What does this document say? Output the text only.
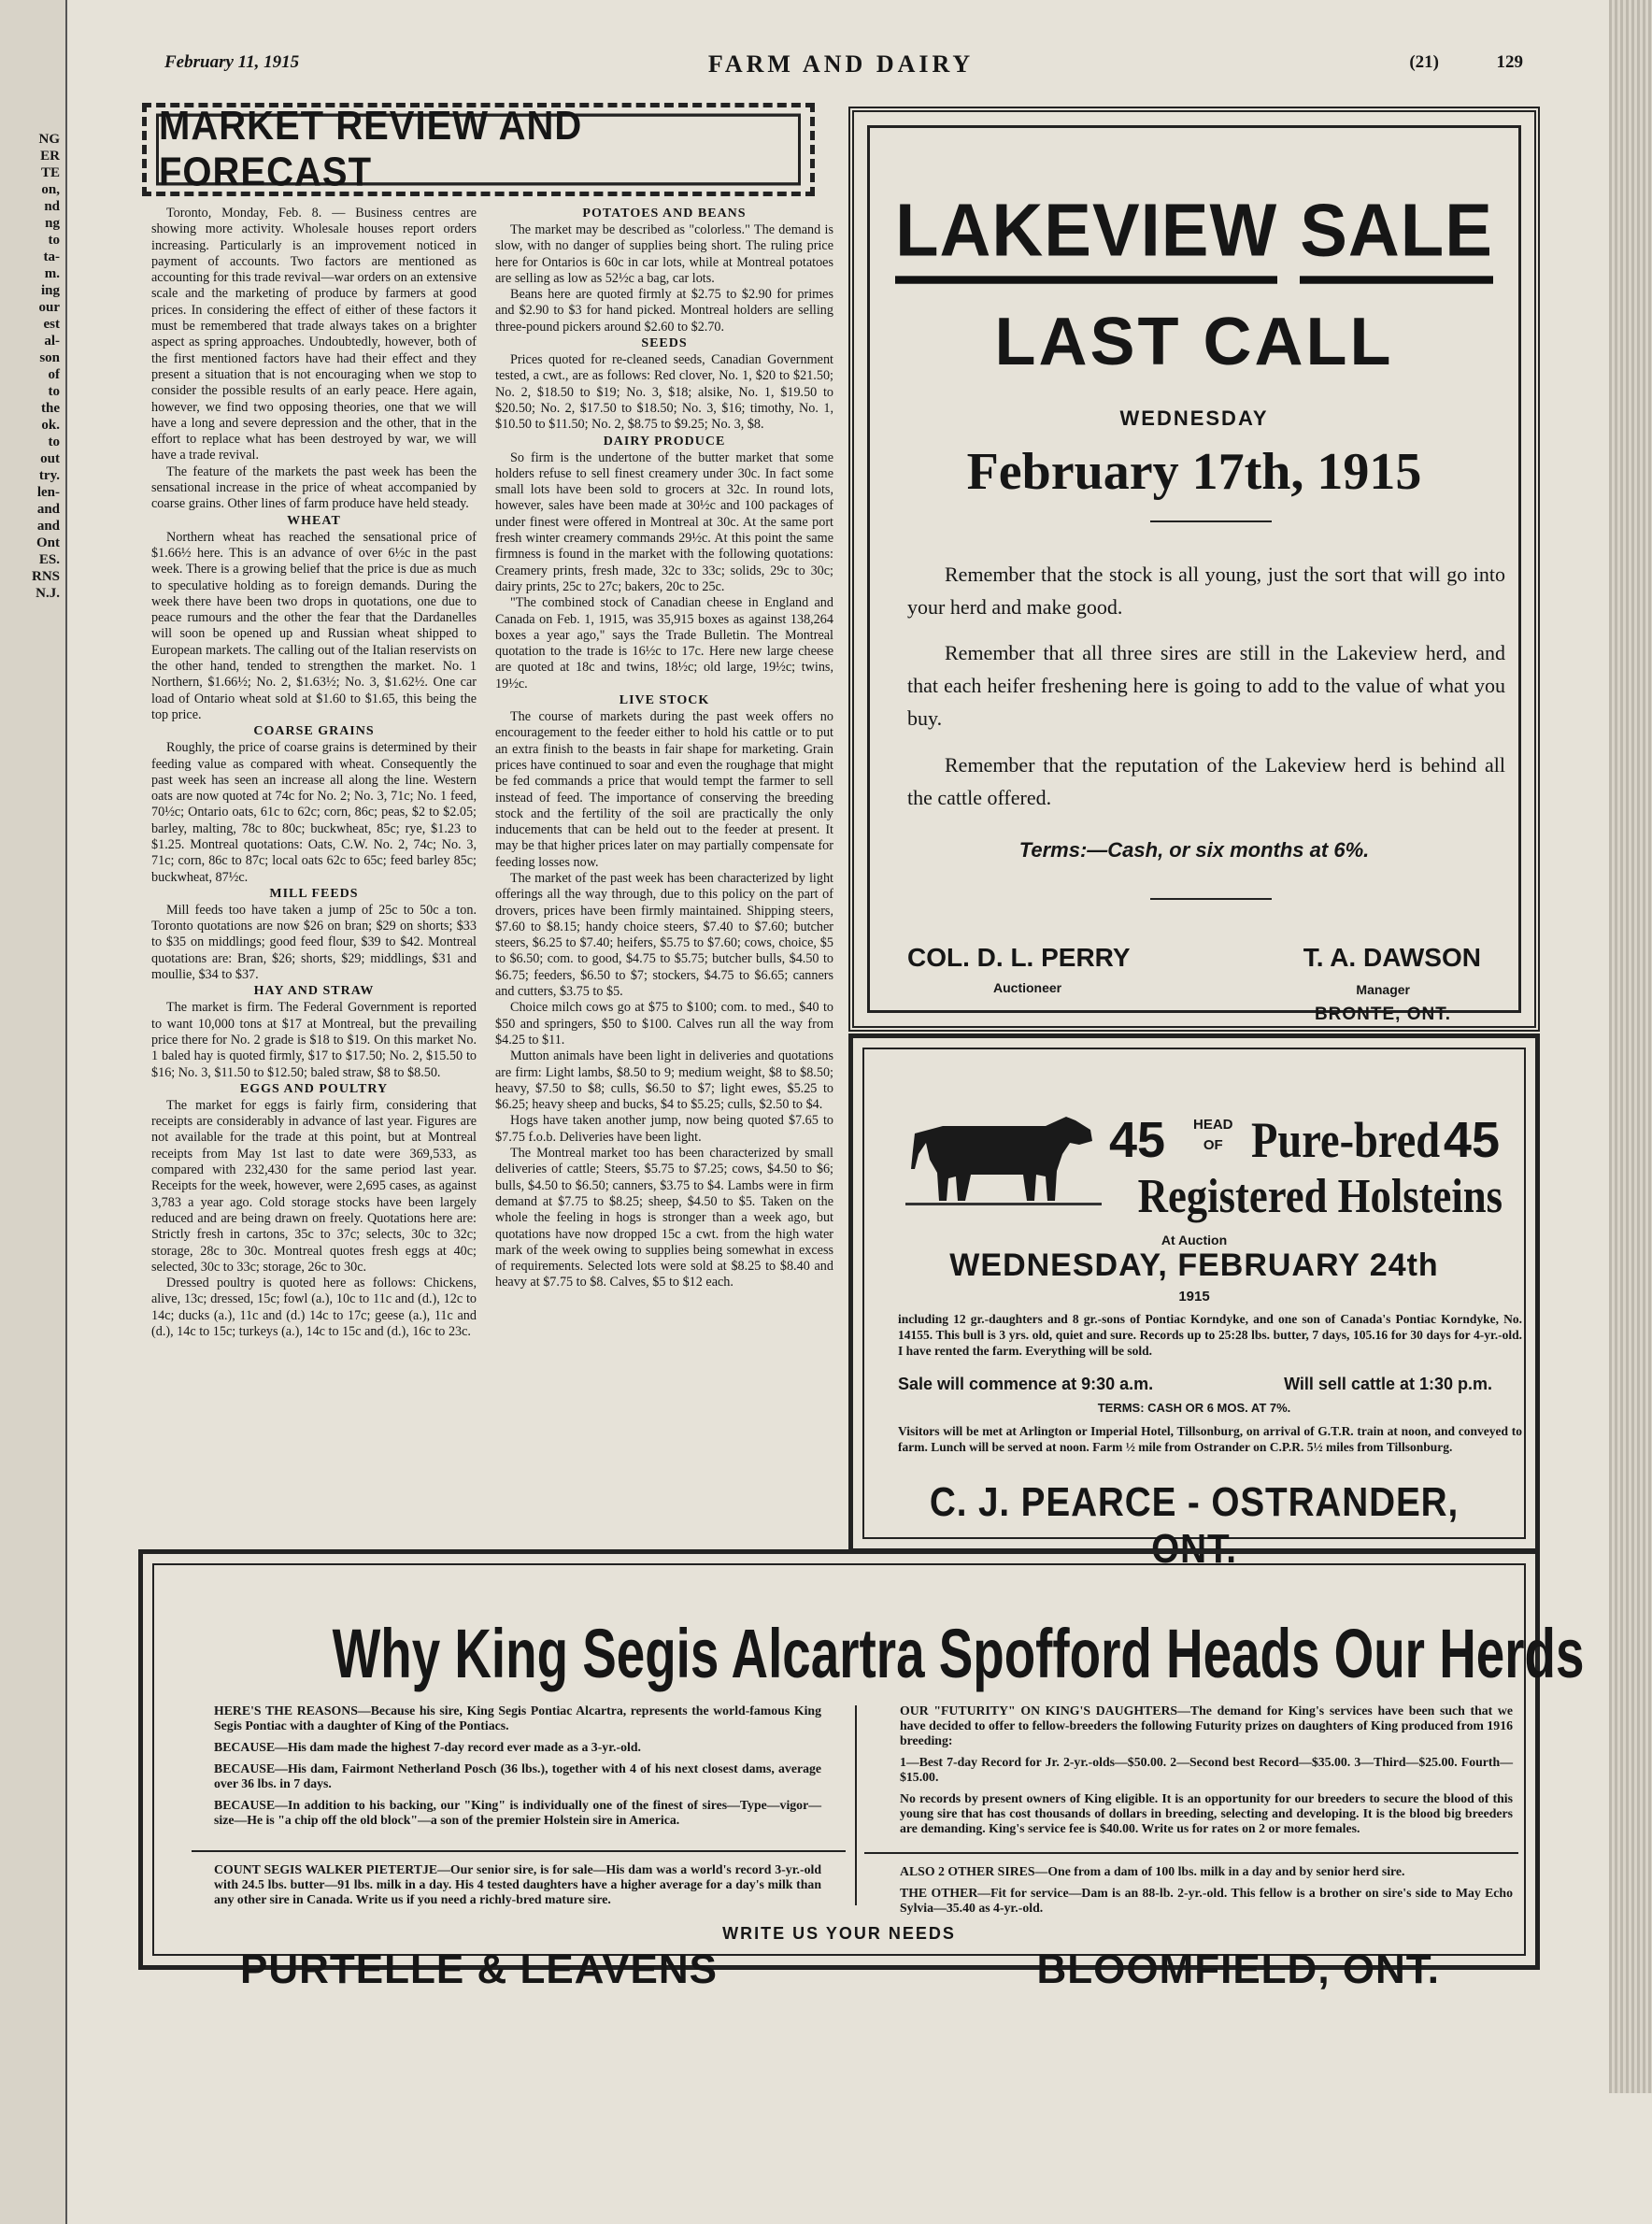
NG
ER
TE
on,
nd
ng
to
ta-
m.
ing
our
est
al-
son
of
to
the
ok.
to
out
try.
len-
and
and
Ont
ES.
RNS
N.J.
February 11, 1915	FARM AND DAIRY	(21)	129
MARKET REVIEW AND FORECAST

Toronto, Monday, Feb. 8. — Business centres are showing more activity. Wholesale houses report orders increasing. Particularly is an improvement noticed in payment of accounts. Two factors are mentioned as accounting for this trade revival—war orders on an extensive scale and the marketing of produce by farmers at good prices. In considering the effect of either of these factors it must be remembered that trade always takes on a brighter aspect as spring approaches. Undoubtedly, however, both of the first mentioned factors have had their effect and they present a situation that is not encouraging when we stop to consider the possible results of an early peace. Here again, however, we find two opposing theories, one that we will have a long and severe depression and the other, that in the effort to replace what has been destroyed by war, we will have a trade revival.

The feature of the markets the past week has been the sensational increase in the price of wheat accompanied by coarse grains. Other lines of farm produce have held steady.

WHEAT

Northern wheat has reached the sensational price of $1.66½ here. This is an advance of over 6½c in the past week. There is a growing belief that the price is due as much to speculative holding as to foreign demands. During the week there have been two drops in quotations, one due to peace rumours and the other the fear that the Dardanelles will soon be opened up and Russian wheat shipped to European markets. The calling out of the Italian reservists on the other hand, tended to strengthen the market. No. 1 Northern, $1.66½; No. 2, $1.63½; No. 3, $1.62½. One car load of Ontario wheat sold at $1.60 to $1.65, this being the top price.

COARSE GRAINS

Roughly, the price of coarse grains is determined by their feeding value as compared with wheat. Consequently the past week has seen an increase all along the line. Western oats are now quoted at 74c for No. 2; No. 3, 71c; No. 1 feed, 70½c; Ontario oats, 61c to 62c; corn, 86c; peas, $2 to $2.05; barley, malting, 78c to 80c; buckwheat, 85c; rye, $1.23 to $1.25. Montreal quotations: Oats, C.W. No. 2, 74c; No. 3, 71c; corn, 86c to 87c; local oats 62c to 65c; feed barley 85c; buckwheat, 87½c.

MILL FEEDS

Mill feeds too have taken a jump of 25c to 50c a ton. Toronto quotations are now $26 on bran; $29 on shorts; $33 to $35 on middlings; good feed flour, $39 to $42. Montreal quotations are: Bran, $26; shorts, $29; middlings, $31 and moullie, $34 to $37.

HAY AND STRAW

The market is firm. The Federal Government is reported to want 10,000 tons at $17 at Montreal, but the prevailing price there for No. 2 grade is $18 to $19. On this market No. 1 baled hay is quoted firmly, $17 to $17.50; No. 2, $15.50 to $16; No. 3, $11.50 to $12.50; baled straw, $8 to $8.50.

EGGS AND POULTRY

The market for eggs is fairly firm, considering that receipts are considerably in advance of last year. Figures are not available for the trade at this point, but at Montreal receipts from May 1st last to date were 369,533, as compared with 232,430 for the same period last year. Receipts for the week, however, were 2,695 cases, as against 3,783 a year ago. Cold storage stocks have been largely reduced and are being drawn on freely. Quotations here are: Strictly fresh in cartons, 35c to 37c; selects, 30c to 32c; storage, 28c to 30c. Montreal quotes fresh eggs at 40c; selected, 30c to 33c; storage, 26c to 30c.

Dressed poultry is quoted here as follows: Chickens, alive, 13c; dressed, 15c; fowl (a.), 10c to 11c and (d.), 12c to 14c; ducks (a.), 11c and (d.) 14c to 17c; geese (a.), 11c and (d.), 14c to 15c; turkeys (a.), 14c to 15c and (d.), 16c to 23c.

POTATOES AND BEANS

The market may be described as "colorless." The demand is slow, with no danger of supplies being short. The ruling price here for Ontarios is 60c in car lots, while at Montreal potatoes are selling as low as 52½c a bag, car lots.

Beans here are quoted firmly at $2.75 to $2.90 for primes and $2.90 to $3 for hand picked. Montreal holders are selling three-pound pickers around $2.60 to $2.70.

SEEDS

Prices quoted for re-cleaned seeds, Canadian Government tested, a cwt., are as follows: Red clover, No. 1, $20 to $21.50; No. 2, $18.50 to $19; No. 3, $18; alsike, No. 1, $19.50 to $20.50; No. 2, $17.50 to $18.50; No. 3, $16; timothy, No. 1, $10.50 to $11.50; No. 2, $8.75 to $9.25; No. 3, $8.

DAIRY PRODUCE

So firm is the undertone of the butter market that some holders refuse to sell finest creamery under 30c. In fact some small lots have been sold to grocers at 32c. In round lots, however, sales have been made at 30½c and 100 packages of under finest were offered in Montreal at 30c. At the same port fresh winter creamery commands 29½c. At this point the same firmness is found in the market with the following quotations: Creamery prints, fresh made, 32c to 33c; solids, 29c to 30c; dairy prints, 25c to 27c; bakers, 20c to 25c.

"The combined stock of Canadian cheese in England and Canada on Feb. 1, 1915, was 35,915 boxes as against 138,264 boxes a year ago," says the Trade Bulletin. The Montreal quotation to the trade is 16½c to 17c. Here new large cheese are quoted at 18c and twins, 18½c; old large, 19½c; twins, 19½c.

LIVE STOCK

The course of markets during the past week offers no encouragement to the feeder either to hold his cattle or to put an extra finish to the beasts in fair shape for marketing. Grain prices have continued to soar and even the roughage that might be fed commands a price that would tempt the farmer to sell instead of feed. The importance of conserving the breeding stock and the fertility of the soil are practically the only inducements that can be held out to the feeder at present. It may be that higher prices later on may partially compensate for feeding losses now.

The market of the past week has been characterized by light offerings all the way through, due to this policy on the part of drovers, prices have been firmly maintained. Shipping steers, $7.60 to $8.15; handy choice steers, $7.40 to $7.60; butcher steers, $6.25 to $7.40; heifers, $5.75 to $7.60; cows, choice, $5 to $6.50; com. to good, $4.75 to $5.75; butcher bulls, $4.50 to $6.75; feeders, $6.50 to $7; stockers, $4.75 to $6.65; canners and cutters, $3.75 to $5.

Choice milch cows go at $75 to $100; com. to med., $40 to $50 and springers, $50 to $100. Calves run all the way from $4.25 to $11.

Mutton animals have been light in deliveries and quotations are firm: Light lambs, $8.50 to 9; medium weight, $8 to $8.50; heavy, $7.50 to $8; culls, $6.50 to $7; light ewes, $5.25 to $6.25; heavy sheep and bucks, $4 to $5.25; culls, $2.50 to $4.

Hogs have taken another jump, now being quoted $7.65 to $7.75 f.o.b. Deliveries have been light.

The Montreal market too has been characterized by small deliveries of cattle; Steers, $5.75 to $7.25; cows, $4.50 to $6; bulls, $4.50 to $6.50; canners, $3.75 to $4. Lambs were in firm demand at $7.75 to $8.25; sheep, $4.50 to $5. Taken on the whole the feeling in hogs is stronger than a week ago, but quotations have now dropped 15c a cwt. from the high water mark of the week owing to supplies being somewhat in excess of requirements. Selected lots were sold at $8.25 to $8.40 and heavy at $7.75 to $8. Calves, $5 to $12 each.

LAKEVIEW SALE
LAST CALL
WEDNESDAY
February 17th, 1915
Remember that the stock is all young, just the sort that will go into your herd and make good.
Remember that all three sires are still in the Lakeview herd, and that each heifer freshening here is going to add to the value of what you buy.
Remember that the reputation of the Lakeview herd is behind all the cattle offered.
Terms:—Cash, or six months at 6%.
COL. D. L. PERRY
Auctioneer
T. A. DAWSON
Manager
BRONTE, ONT.
45 HEAD
OF Pure-bred 45
Registered Holsteins
At Auction
WEDNESDAY, FEBRUARY 24th
1915
including 12 gr.-daughters and 8 gr.-sons of Pontiac Korndyke, and one son of Canada's Pontiac Korndyke, No. 14155. This bull is 3 yrs. old, quiet and sure. Records up to 25:28 lbs. butter, 7 days, 105.16 for 30 days for 4-yr.-old. I have rented the farm. Everything will be sold.
Sale will commence at 9:30 a.m.	Will sell cattle at 1:30 p.m.
TERMS: CASH OR 6 MOS. AT 7%.
Visitors will be met at Arlington or Imperial Hotel, Tillsonburg, on arrival of G.T.R. train at noon, and conveyed to farm. Lunch will be served at noon. Farm ½ mile from Ostrander on C.P.R. 5½ miles from Tillsonburg.
C. J. PEARCE - OSTRANDER, ONT.
Why King Segis Alcartra Spofford Heads Our Herds

HERE'S THE REASONS—Because his sire, King Segis Pontiac Alcartra, represents the world-famous King Segis Pontiac with a daughter of King of the Pontiacs.

BECAUSE—His dam made the highest 7-day record ever made as a 3-yr.-old.

BECAUSE—His dam, Fairmont Netherland Posch (36 lbs.), together with 4 of his next closest dams, average over 36 lbs. in 7 days.

BECAUSE—In addition to his backing, our "King" is individually one of the finest of sires—Type—vigor—size—He is "a chip off the old block"—a son of the premier Holstein sire in America.

OUR "FUTURITY" ON KING'S DAUGHTERS—The demand for King's services have been such that we have decided to offer to fellow-breeders the following Futurity prizes on daughters of King produced from 1916 breeding:

1—Best 7-day Record for Jr. 2-yr.-olds—$50.00. 2—Second best Record—$35.00. 3—Third—$25.00. Fourth—$15.00.

No records by present owners of King eligible. It is an opportunity for our breeders to secure the blood of this young sire that has cost thousands of dollars in breeding, selecting and developing. It is the blood big breeders are demanding. King's service fee is $40.00. Write us for rates on 2 or more females.

COUNT SEGIS WALKER PIETERTJE—Our senior sire, is for sale—His dam was a world's record 3-yr.-old with 24.5 lbs. butter—91 lbs. milk in a day. His 4 tested daughters have a higher average for a day's milk than any other sire in Canada. Write us if you need a richly-bred mature sire.

ALSO 2 OTHER SIRES—One from a dam of 100 lbs. milk in a day and by senior herd sire.

THE OTHER—Fit for service—Dam is an 88-lb. 2-yr.-old. This fellow is a brother on sire's side to May Echo Sylvia—35.40 as 4-yr.-old.

WRITE US YOUR NEEDS
PURTELLE & LEAVENS	BLOOMFIELD, ONT.
